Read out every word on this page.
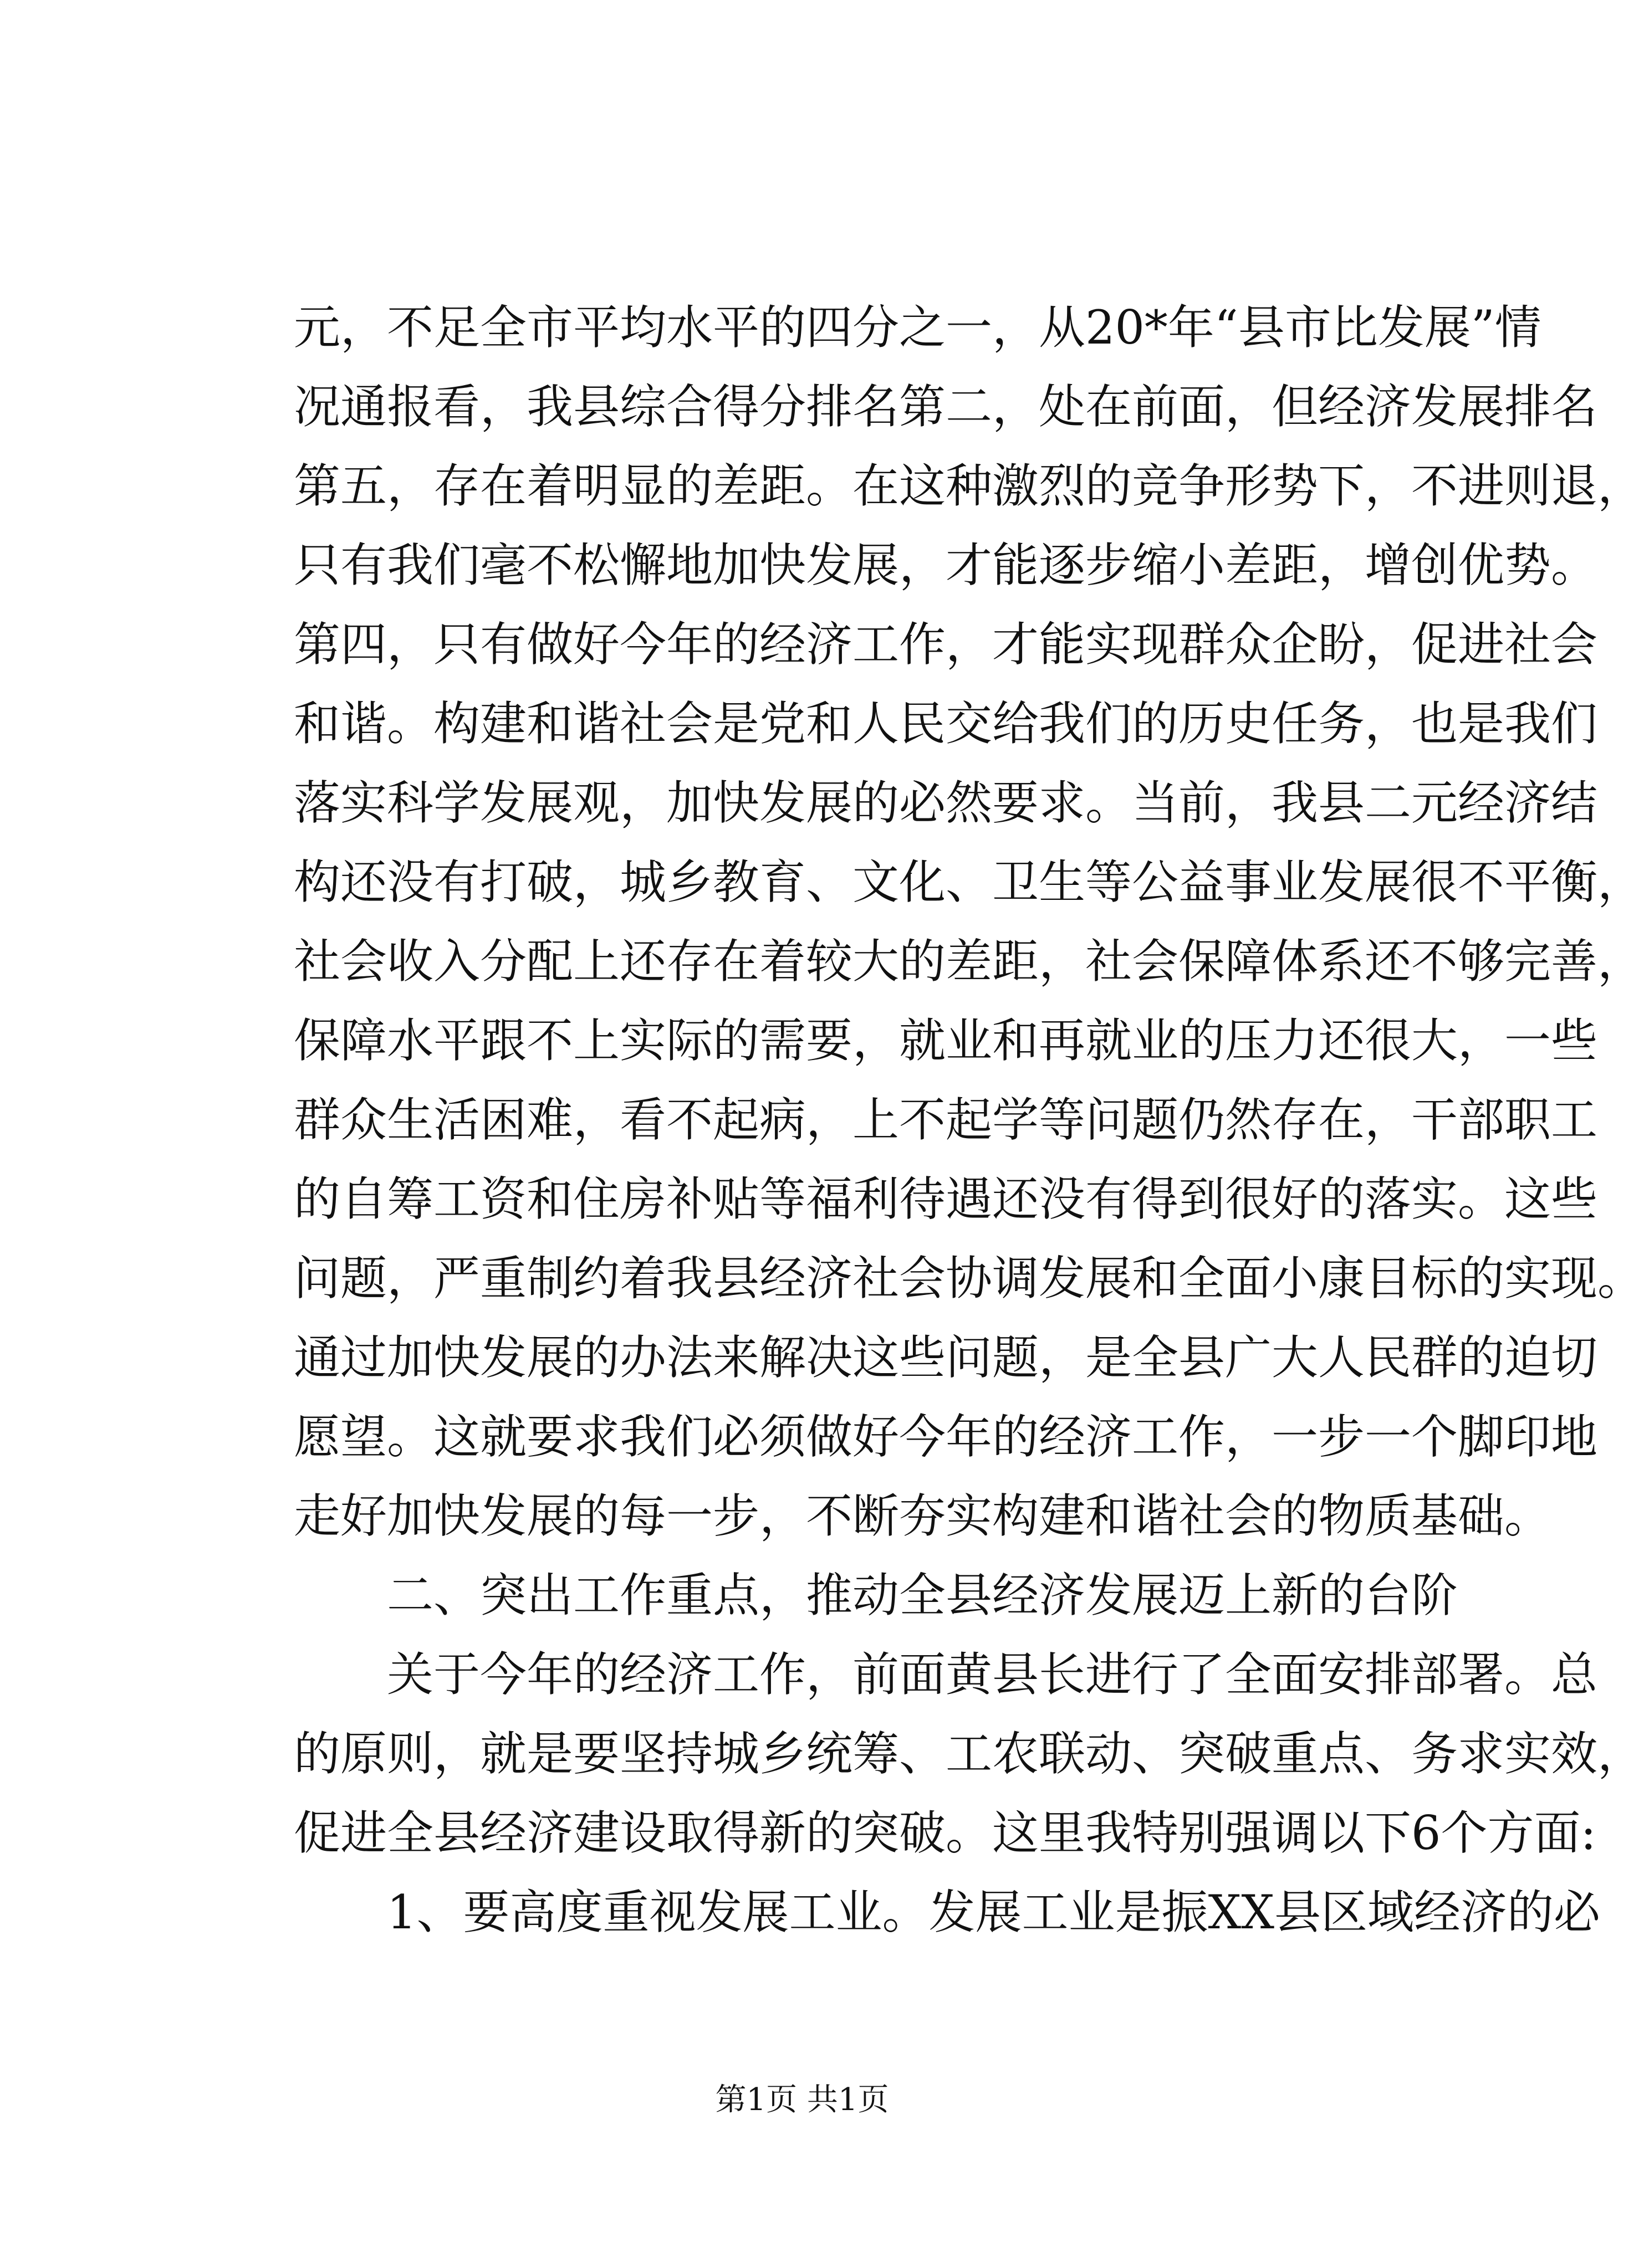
元，不足全市平均水平的四分之一，从20*年“县市比发展”情
况通报看，我县综合得分排名第二，处在前面，但经济发展排名
第五，存在着明显的差距。在这种激烈的竞争形势下，不进则退，
只有我们毫不松懈地加快发展，才能逐步缩小差距，增创优势。
第四，只有做好今年的经济工作，才能实现群众企盼，促进社会
和谐。构建和谐社会是党和人民交给我们的历史任务，也是我们
落实科学发展观，加快发展的必然要求。当前，我县二元经济结
构还没有打破，城乡教育、文化、卫生等公益事业发展很不平衡，
社会收入分配上还存在着较大的差距，社会保障体系还不够完善，
保障水平跟不上实际的需要，就业和再就业的压力还很大，一些
群众生活困难，看不起病，上不起学等问题仍然存在，干部职工
的自筹工资和住房补贴等福利待遇还没有得到很好的落实。这些
问题，严重制约着我县经济社会协调发展和全面小康目标的实现。
通过加快发展的办法来解决这些问题，是全县广大人民群的迫切
愿望。这就要求我们必须做好今年的经济工作，一步一个脚印地
走好加快发展的每一步，不断夯实构建和谐社会的物质基础。
二、突出工作重点，推动全县经济发展迈上新的台阶
关于今年的经济工作，前面黄县长进行了全面安排部署。总
的原则，就是要坚持城乡统筹、工农联动、突破重点、务求实效，
促进全县经济建设取得新的突破。这里我特别强调以下6个方面:
1、要高度重视发展工业。发展工业是振XX县区域经济的必
第1页 共1页
